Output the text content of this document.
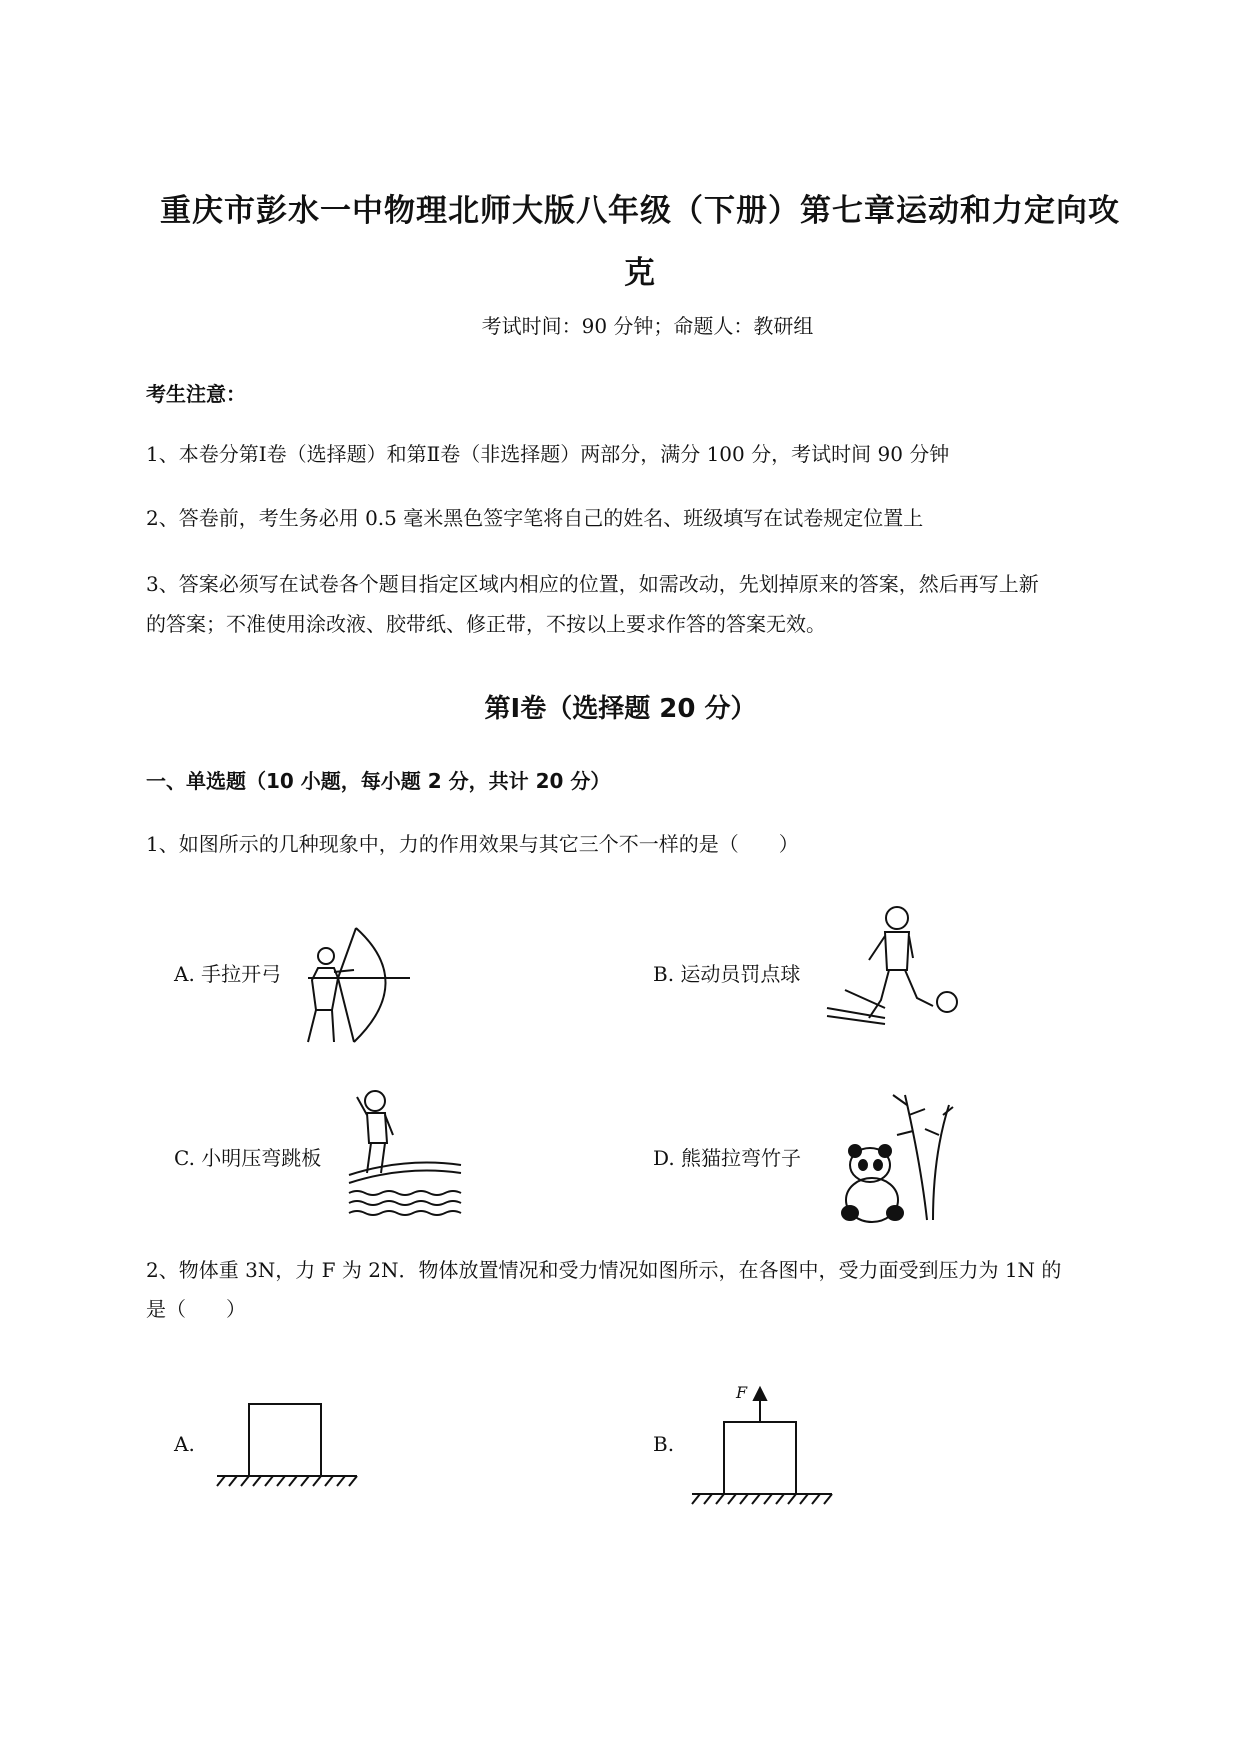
重庆市彭水一中物理北师大版八年级（下册）第七章运动和力定向攻
克
考试时间：90 分钟；命题人：教研组
考生注意：
1、本卷分第Ⅰ卷（选择题）和第Ⅱ卷（非选择题）两部分，满分 100 分，考试时间 90 分钟
2、答卷前，考生务必用 0.5 毫米黑色签字笔将自己的姓名、班级填写在试卷规定位置上
3、答案必须写在试卷各个题目指定区域内相应的位置，如需改动，先划掉原来的答案，然后再写上新
的答案；不准使用涂改液、胶带纸、修正带，不按以上要求作答的答案无效。
第Ⅰ卷（选择题 20 分）
一、单选题（10 小题，每小题 2 分，共计 20 分）
1、如图所示的几种现象中，力的作用效果与其它三个不一样的是（　　）
A. 手拉开弓	B. 运动员罚点球
C. 小明压弯跳板	D. 熊猫拉弯竹子
2、物体重 3N，力 F 为 2N．物体放置情况和受力情况如图所示，在各图中，受力面受到压力为 1N 的
是（　　）
A.	B.
F
